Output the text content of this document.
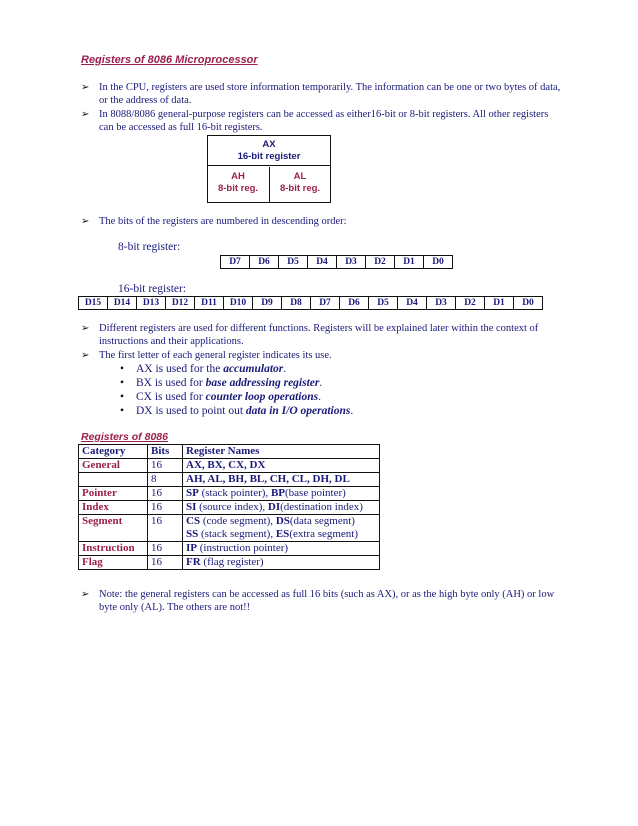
Registers of 8086 Microprocessor
➢ In the CPU, registers are used store information temporarily. The information can be one or two bytes of data, or the address of data.
➢ In 8088/8086 general-purpose registers can be accessed as either16-bit or 8-bit registers. All other registers can be accessed as full 16-bit registers.
AX
16-bit register
AH
8-bit reg.
AL
8-bit reg.
➢ The bits of the registers are numbered in descending order:
8-bit register:
D7	D6	D5	D4	D3	D2	D1	D0
16-bit register:
D15	D14	D13	D12	D11	D10	D9	D8	D7	D6	D5	D4	D3	D2	D1	D0
➢ Different registers are used for different functions. Registers will be explained later within the context of instructions and their applications.
➢ The first letter of each general register indicates its use.
• AX is used for the accumulator.
• BX is used for base addressing register.
• CX is used for counter loop operations.
• DX is used to point out data in I/O operations.
Registers of 8086
Category	Bits	Register Names
General	16	AX, BX, CX, DX
	8	AH, AL, BH, BL, CH, CL, DH, DL
Pointer	16	SP (stack pointer), BP(base pointer)
Index	16	SI (source index), DI(destination index)
Segment	16	CS (code segment), DS(data segment)
		SS (stack segment), ES(extra segment)
Instruction	16	IP (instruction pointer)
Flag	16	FR (flag register)
➢ Note: the general registers can be accessed as full 16 bits (such as AX), or as the high byte only (AH) or low byte only (AL). The others are not!!
